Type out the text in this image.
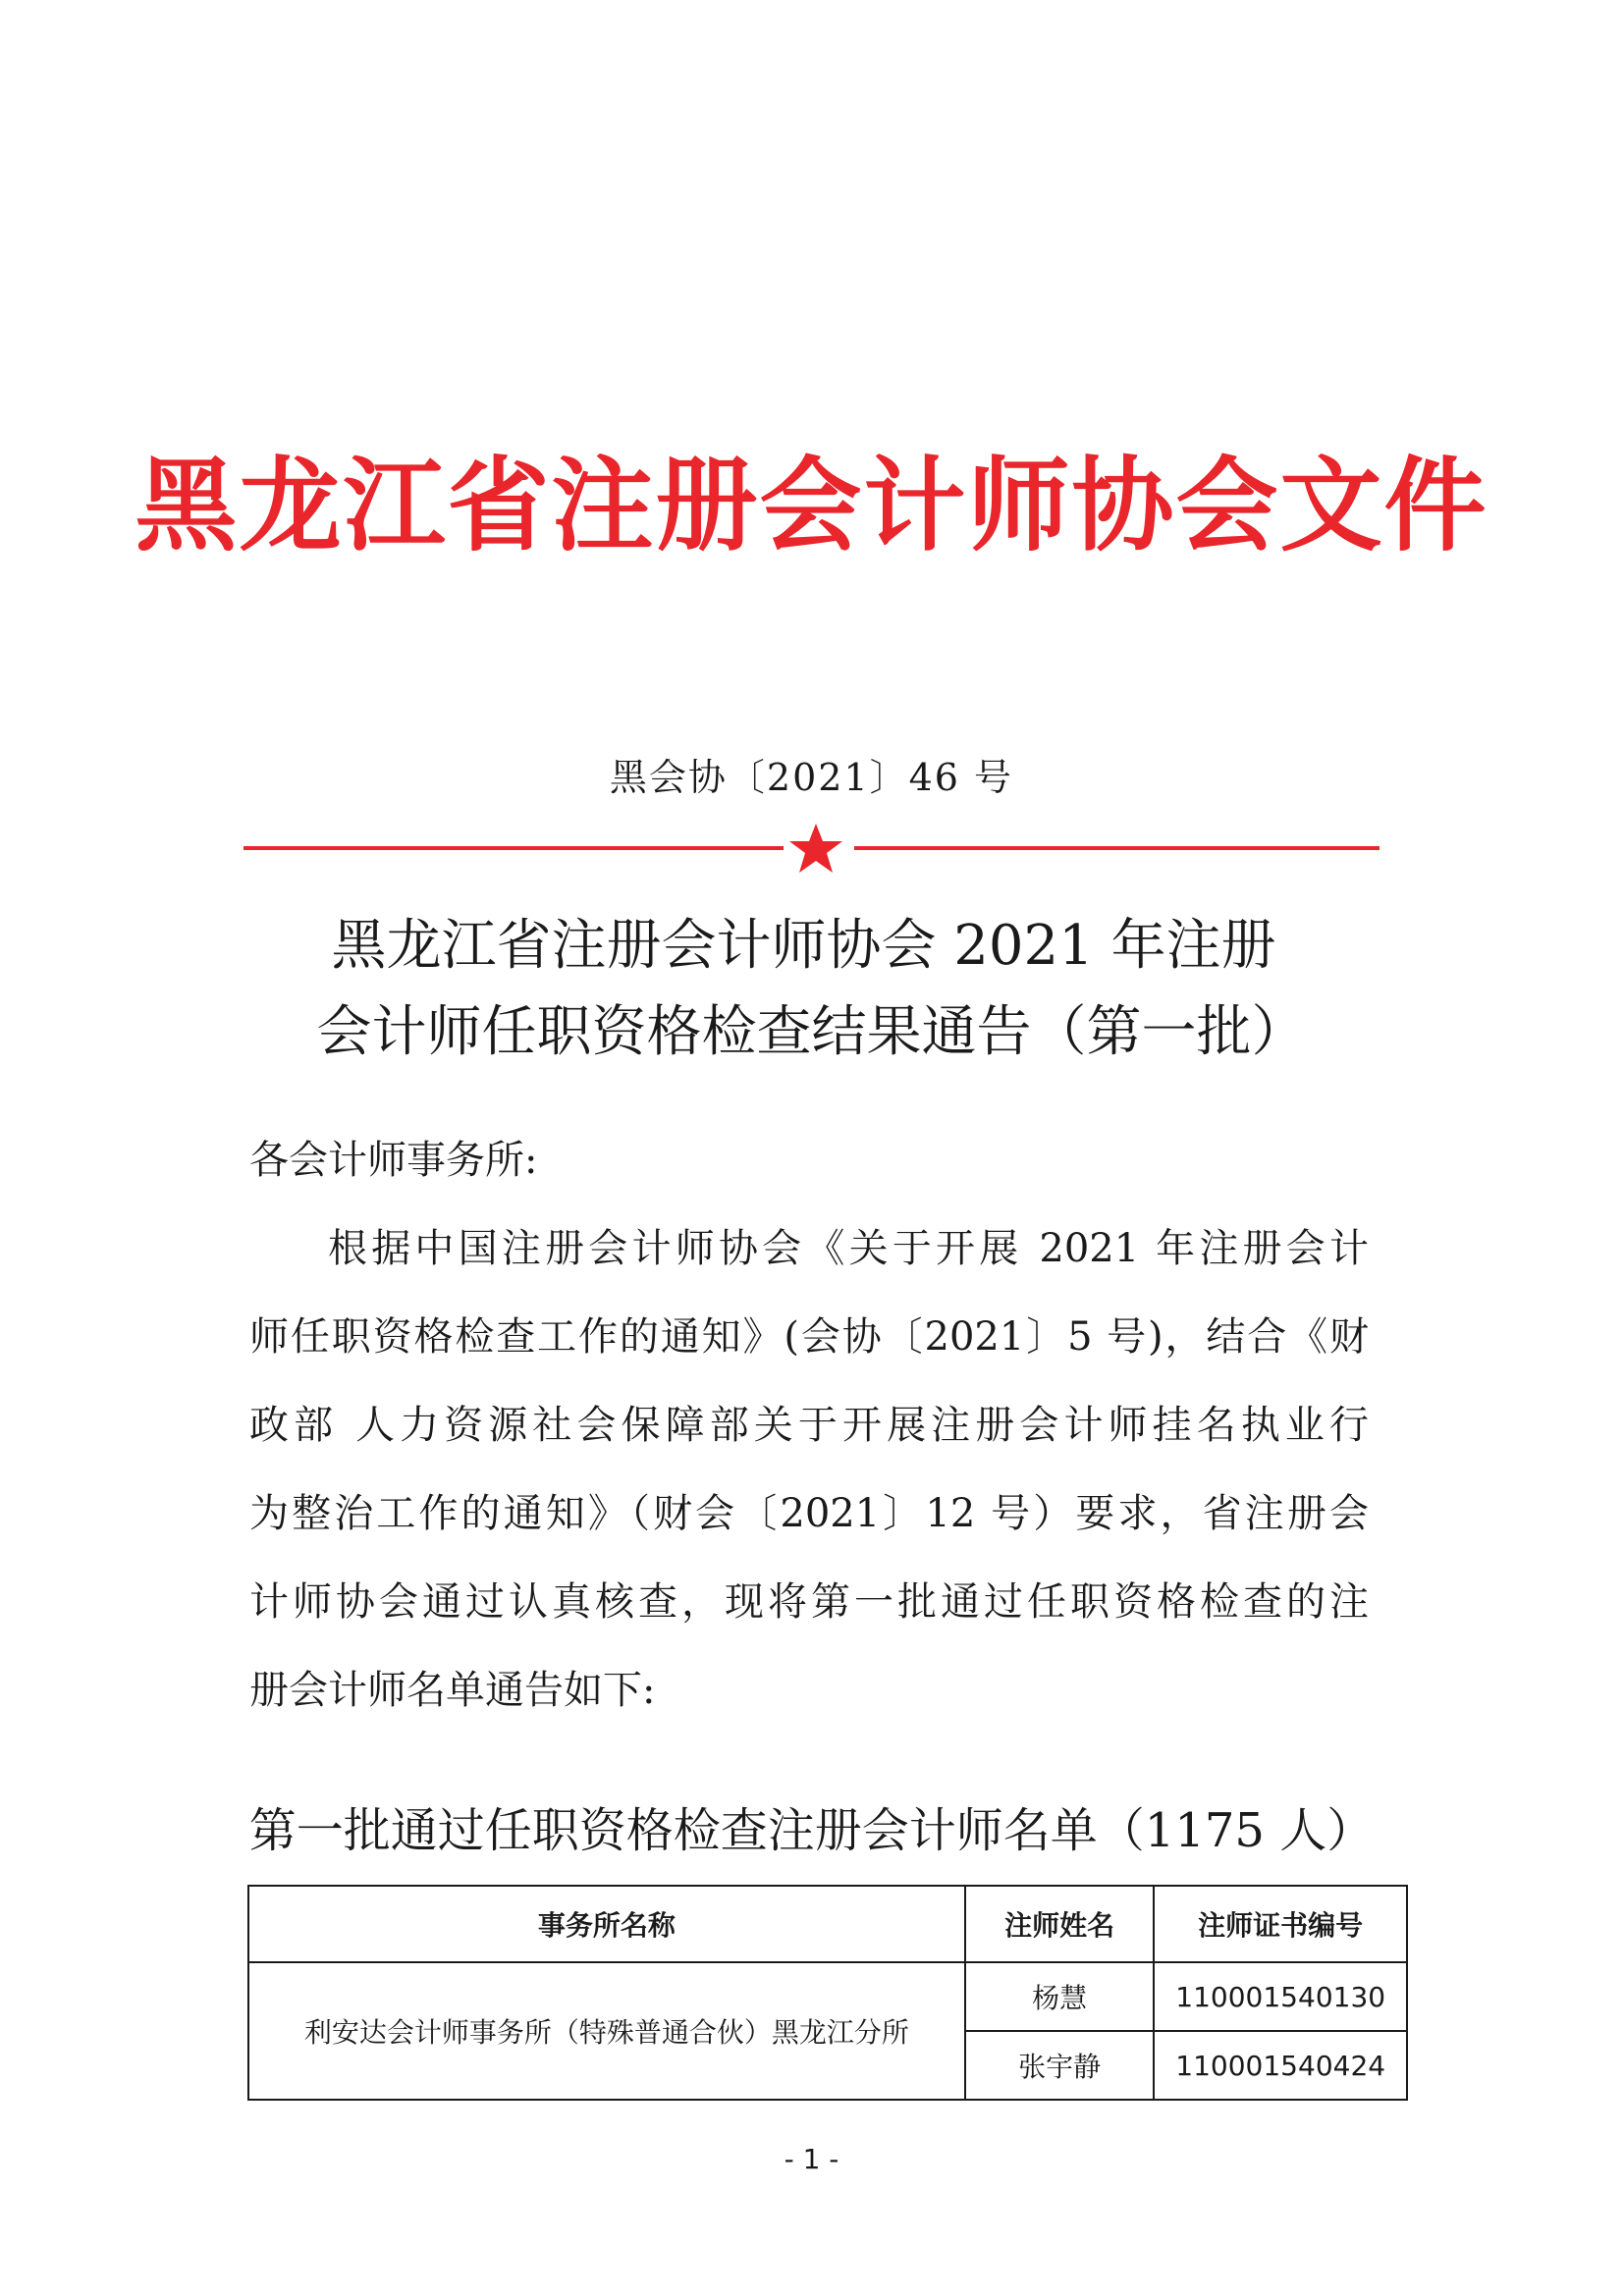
黑龙江省注册会计师协会文件
黑会协〔2021〕46 号
黑龙江省注册会计师协会 2021 年注册
会计师任职资格检查结果通告（第一批）
各会计师事务所:
根据中国注册会计师协会《关于开展 2021 年注册会计
师任职资格检查工作的通知》(会协〔2021〕5 号)，结合《财
政部 人力资源社会保障部关于开展注册会计师挂名执业行
为整治工作的通知》（财会〔2021〕12 号）要求，省注册会
计师协会通过认真核查，现将第一批通过任职资格检查的注
册会计师名单通告如下:
第一批通过任职资格检查注册会计师名单（1175 人）
事务所名称	注师姓名	注师证书编号
利安达会计师事务所（特殊普通合伙）黑龙江分所	杨慧	110001540130
	张宇静	110001540424
- 1 -
